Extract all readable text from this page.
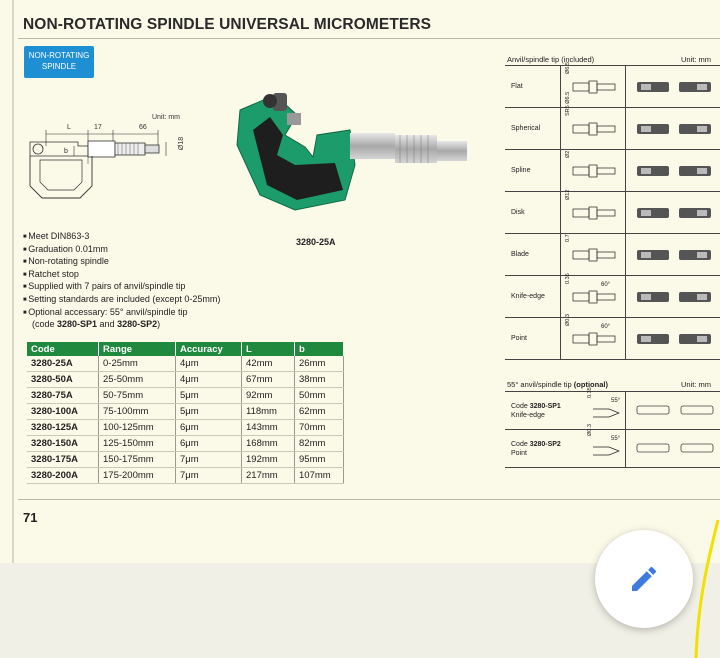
NON-ROTATING SPINDLE UNIVERSAL MICROMETERS
NON-ROTATING SPINDLE
Unit: mm
L	17	66
b
Ø18
3280-25A
■ Meet DIN863-3
■ Graduation 0.01mm
■ Non-rotating spindle
■ Ratchet stop
■ Supplied with 7 pairs of anvil/spindle tip
■ Setting standards are included (except 0-25mm)
■ Optional accessary: 55° anvil/spindle tip
(code 3280-SP1 and 3280-SP2)
Code	Range	Accuracy	L	b
3280-25A	0-25mm	4μm	42mm	26mm
3280-50A	25-50mm	4μm	67mm	38mm
3280-75A	50-75mm	5μm	92mm	50mm
3280-100A	75-100mm	5μm	118mm	62mm
3280-125A	100-125mm	6μm	143mm	70mm
3280-150A	125-150mm	6μm	168mm	82mm
3280-175A	150-175mm	7μm	192mm	95mm
3280-200A	175-200mm	7μm	217mm	107mm
71
Anvil/spindle tip (included)	Unit: mm
Flat
Ø6.5
Spherical
SR5 Ø6.5
Spline
Ø2
Disk
Ø12
Blade
0.7
Knife-edge
0.35
60°
Point
Ø0.3
60°
55° anvil/spindle tip (optional)	Unit: mm
Code 3280-SP1
Knife-edge
0.35
55°
Code 3280-SP2
Point
Ø0.3
55°
